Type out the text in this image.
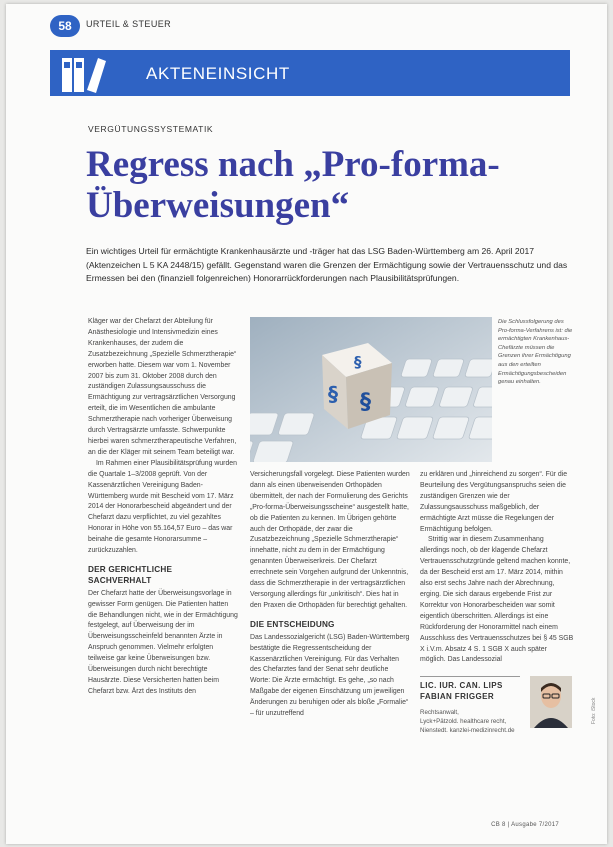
58	URTEIL & STEUER
AKTENEINSICHT
VERGÜTUNGSSYSTEMATIK
Regress nach „Pro-forma-
Überweisungen“

Ein wichtiges Urteil für ermächtigte Krankenhausärzte und -träger hat das LSG Baden-Württemberg am 26. April 2017 (Aktenzeichen L 5 KA 2448/15) gefällt. Gegenstand waren die Grenzen der Ermächtigung sowie der Vertrauensschutz und das Ermessen bei den (finanziell folgenreichen) Honorarrückforderungen nach Plausibilitätsprüfungen.

Kläger war der Chefarzt der Abteilung für Anästhesiologie und Intensivmedizin eines Krankenhauses, der zudem die Zusatzbezeichnung „Spezielle Schmerztherapie“ erworben hatte. Diesem war vom 1. November 2007 bis zum 31. Oktober 2008 durch den zuständigen Zulassungsausschuss die Ermächtigung zur vertragsärztlichen Versorgung erteilt, die im Wesentlichen die ambulante Schmerztherapie nach vorheriger Überweisung durch Vertragsärzte umfasste. Schwerpunkte hierbei waren schmerztherapeutische Verfahren, an die der Kläger mit seinem Team beteiligt war.

Im Rahmen einer Plausibilitätsprüfung wurden die Quartale 1–3/2008 geprüft. Von der Kassenärztlichen Vereinigung Baden-Württemberg wurde mit Bescheid vom 17. März 2014 der Honorarbescheid abgeändert und der Chefarzt dazu verpflichtet, zu viel gezahltes Honorar in Höhe von 55.164,57 Euro – das war beinahe die gesamte Honorarsumme – zurückzuzahlen.

DER GERICHTLICHE SACHVERHALT

Der Chefarzt hatte der Überweisungsvorlage in gewisser Form genügen. Die Patienten hatten die Behandlungen nicht, wie in der Ermächtigung festgelegt, auf Überweisung der im Überweisungsscheinfeld benannten Ärzte in Anspruch genommen. Vielmehr erfolgten teilweise gar keine Überweisungen bzw. Überweisungen durch nicht berechtigte Hausärzte. Diese Versicherten hatten beim Chefarzt bzw. Ärzt des Instituts den

§
§ §

Die Schlussfolgerung des Pro-forma-Verfahrens ist: die ermächtigten Krankenhaus-Chefärzte müssen die Grenzen ihrer Ermächtigung aus den erteilten Ermächtigungsbescheiden genau einhalten.

Versicherungsfall vorgelegt. Diese Patienten wurden dann als einen überweisenden Orthopäden übermittelt, der nach der Formulierung des Gerichts „Pro-forma-Überweisungsscheine“ ausgestellt hatte, ob die Patienten zu kennen. Im Übrigen gehörte auch der Orthopäde, der zwar die Zusatzbezeichnung „Spezielle Schmerztherapie“ innehatte, nicht zu dem in der Ermächtigung genannten Überweiserkreis. Der Chefarzt errechnete sein Vorgehen aufgrund der Unkenntnis, dass die Schmerztherapie in der vertragsärztlichen Versorgung allerdings für „unkritisch“. Dies hat in den Praxen die Orthopäden für berechtigt gehalten.

DIE ENTSCHEIDUNG

Das Landessozialgericht (LSG) Baden-Württemberg bestätigte die Regressentscheidung der Kassenärztlichen Vereinigung. Für das Verhalten des Chefarztes fand der Senat sehr deutliche Worte: Die Ärzte ermächtigt. Es gehe, „so nach Maßgabe der eigenen Einschätzung um jeweiligen Änderungen zu beruhigen oder als bloße „Formalie“ – für unzutreffend

zu erklären und „hinreichend zu sorgen“. Für die Beurteilung des Vergütungsanspruchs seien die zuständigen Grenzen wie der Zulassungsausschuss maßgeblich, der ermächtigte Arzt müsse die Regelungen der Ermächtigung befolgen.

Strittig war in diesem Zusammenhang allerdings noch, ob der klagende Chefarzt Vertrauensschutzgründe geltend machen konnte, da der Bescheid erst am 17. März 2014, mithin also erst sechs Jahre nach der Abrechnung, erging. Die sich daraus ergebende Frist zur Korrektur von Honorarbescheiden war somit eigentlich überschritten. Allerdings ist eine Rückforderung der Honorarmittel nach einem Ausschluss des Vertrauensschutzes bei § 45 SGB X i.V.m. Absatz 4 S. 1 SGB X auch später möglich. Das Landessozial

LIC. IUR. CAN. LIPS
FABIAN FRIGGER
Rechtsanwalt,
Lyck+Pätzold. healthcare recht, Nienstedt. kanzlei-medizinrecht.de
Foto: iStock
CB 8 | Ausgabe 7/2017
